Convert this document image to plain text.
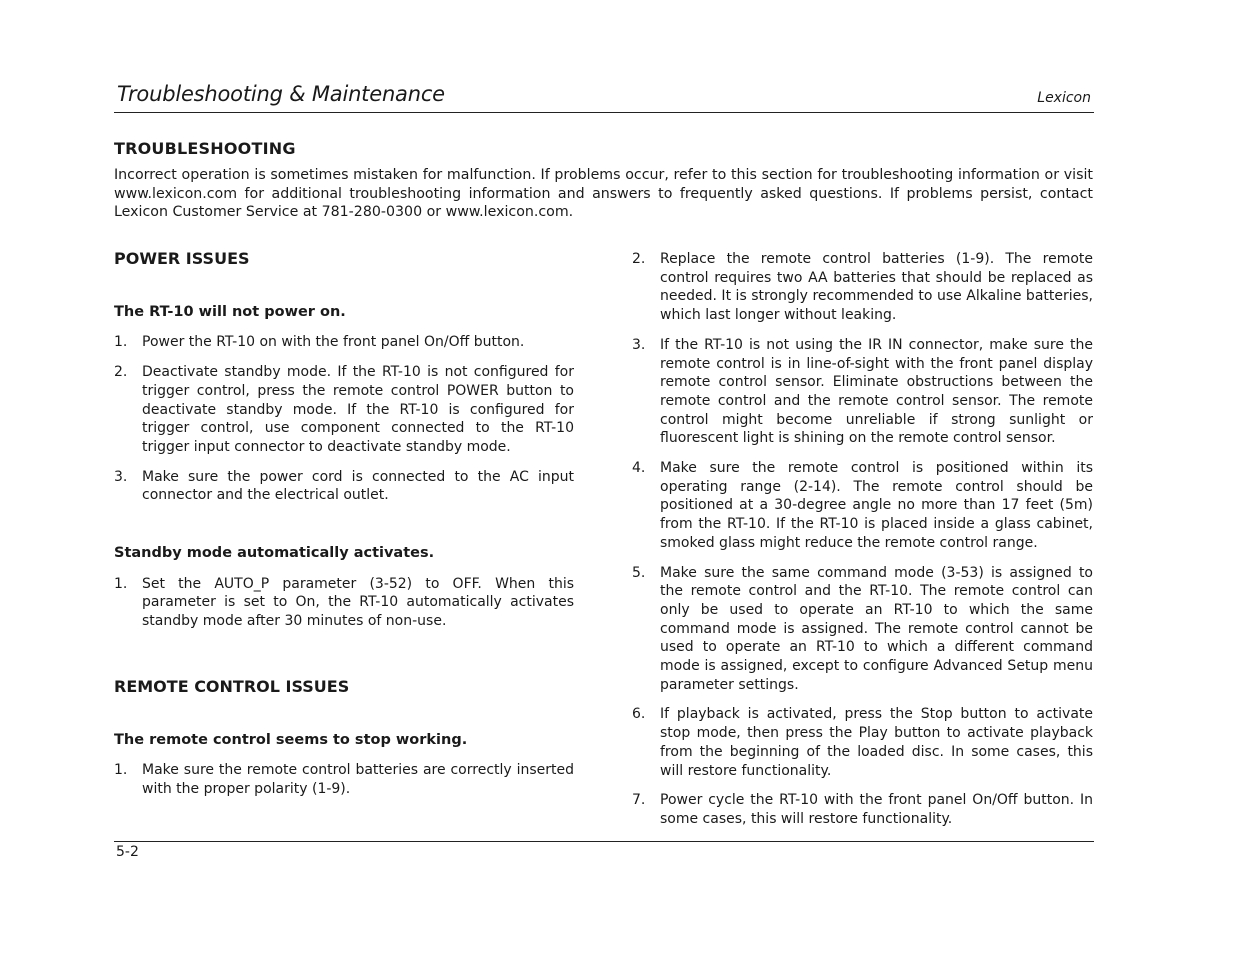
Troubleshooting & Maintenance	Lexicon
TROUBLESHOOTING
Incorrect operation is sometimes mistaken for malfunction. If problems occur, refer to this section for troubleshooting information or visit www.lexicon.com for additional troubleshooting information and answers to frequently asked questions. If problems persist, contact Lexicon Customer Service at 781-280-0300 or www.lexicon.com.
POWER ISSUES
The RT-10 will not power on.
1. Power the RT-10 on with the front panel On/Off button.
2. Deactivate standby mode. If the RT-10 is not configured for trigger control, press the remote control POWER button to deactivate standby mode. If the RT-10 is configured for trigger control, use component connected to the RT-10 trigger input connector to deactivate standby mode.
3. Make sure the power cord is connected to the AC input connector and the electrical outlet.
Standby mode automatically activates.
1. Set the AUTO_P parameter (3-52) to OFF. When this parameter is set to On, the RT-10 automatically activates standby mode after 30 minutes of non-use.
REMOTE CONTROL ISSUES
The remote control seems to stop working.
1. Make sure the remote control batteries are correctly inserted with the proper polarity (1-9).
2. Replace the remote control batteries (1-9). The remote control requires two AA batteries that should be replaced as needed. It is strongly recommended to use Alkaline batteries, which last longer without leaking.
3. If the RT-10 is not using the IR IN connector, make sure the remote control is in line-of-sight with the front panel display remote control sensor. Eliminate obstructions between the remote control and the remote control sensor. The remote control might become unreliable if strong sunlight or fluorescent light is shining on the remote control sensor.
4. Make sure the remote control is positioned within its operating range (2-14). The remote control should be positioned at a 30-degree angle no more than 17 feet (5m) from the RT-10. If the RT-10 is placed inside a glass cabinet, smoked glass might reduce the remote control range.
5. Make sure the same command mode (3-53) is assigned to the remote control and the RT-10. The remote control can only be used to operate an RT-10 to which the same command mode is assigned. The remote control cannot be used to operate an RT-10 to which a different command mode is assigned, except to configure Advanced Setup menu parameter settings.
6. If playback is activated, press the Stop button to activate stop mode, then press the Play button to activate playback from the beginning of the loaded disc. In some cases, this will restore functionality.
7. Power cycle the RT-10 with the front panel On/Off button. In some cases, this will restore functionality.
5-2
